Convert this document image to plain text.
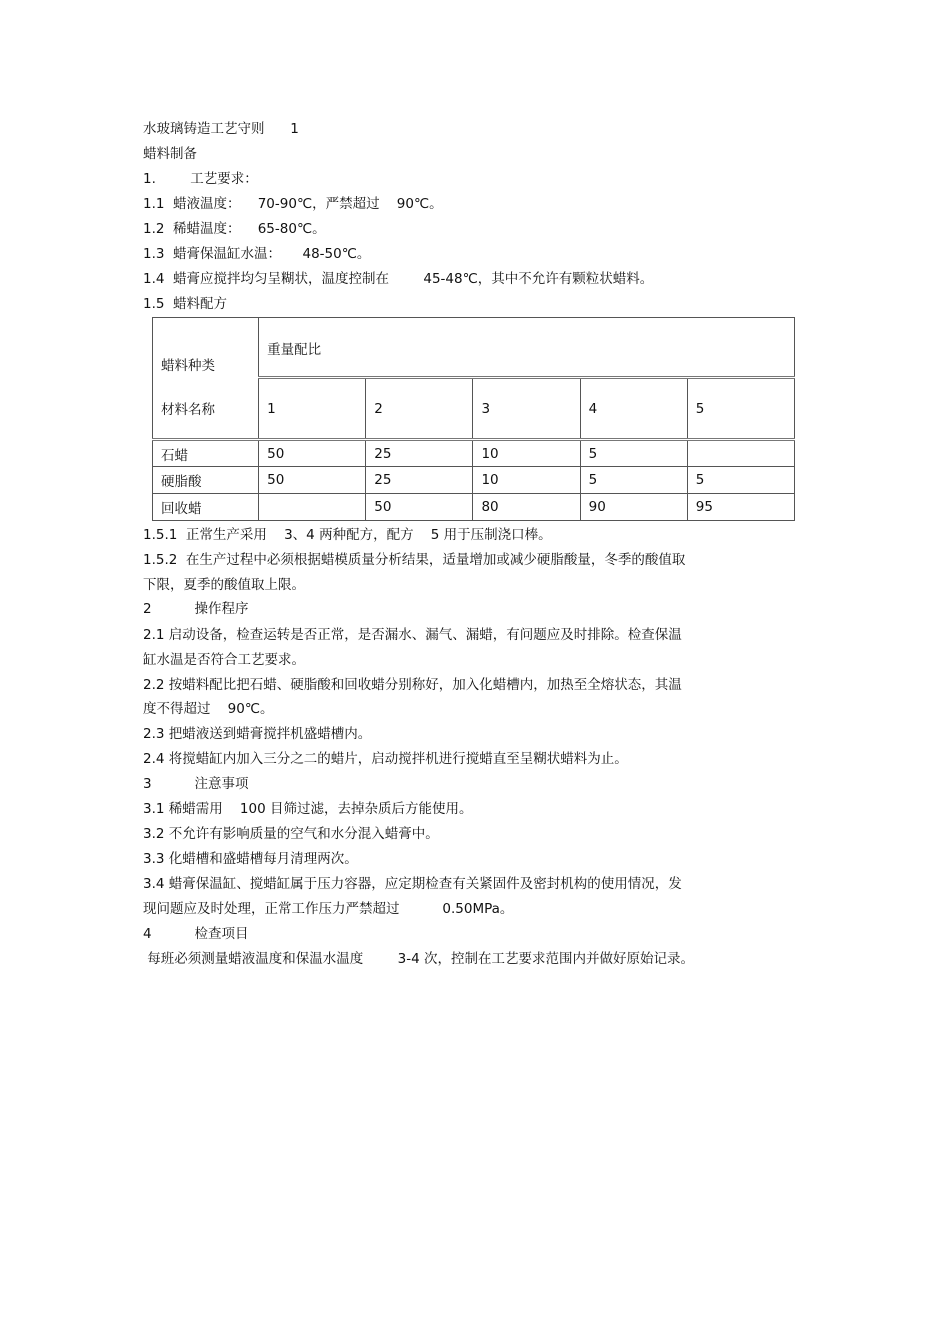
水玻璃铸造工艺守则      1
蜡料制备
1.        工艺要求：
1.1  蜡液温度：    70-90℃，严禁超过    90℃。
1.2  稀蜡温度：    65-80℃。
1.3  蜡膏保温缸水温：     48-50℃。
1.4  蜡膏应搅拌均匀呈糊状，温度控制在        45-48℃，其中不允许有颗粒状蜡料。
1.5  蜡料配方
蜡料种类	重量配比				
材料名称	1	2	3	4	5
石蜡	50	25	10	5	
硬脂酸	50	25	10	5	5
回收蜡		50	80	90	95
1.5.1  正常生产采用    3、4 两种配方，配方    5 用于压制浇口棒。
1.5.2  在生产过程中必须根据蜡模质量分析结果，适量增加或减少硬脂酸量，冬季的酸值取
下限，夏季的酸值取上限。
2          操作程序
2.1 启动设备，检查运转是否正常，是否漏水、漏气、漏蜡，有问题应及时排除。检查保温
缸水温是否符合工艺要求。
2.2 按蜡料配比把石蜡、硬脂酸和回收蜡分别称好，加入化蜡槽内，加热至全熔状态，其温
度不得超过    90℃。
2.3 把蜡液送到蜡膏搅拌机盛蜡槽内。
2.4 将搅蜡缸内加入三分之二的蜡片，启动搅拌机进行搅蜡直至呈糊状蜡料为止。
3          注意事项
3.1 稀蜡需用    100 目筛过滤，去掉杂质后方能使用。
3.2 不允许有影响质量的空气和水分混入蜡膏中。
3.3 化蜡槽和盛蜡槽每月清理两次。
3.4 蜡膏保温缸、搅蜡缸属于压力容器，应定期检查有关紧固件及密封机构的使用情况，发
现问题应及时处理，正常工作压力严禁超过          0.50MPa。
4          检查项目
每班必须测量蜡液温度和保温水温度        3-4 次，控制在工艺要求范围内并做好原始记录。
